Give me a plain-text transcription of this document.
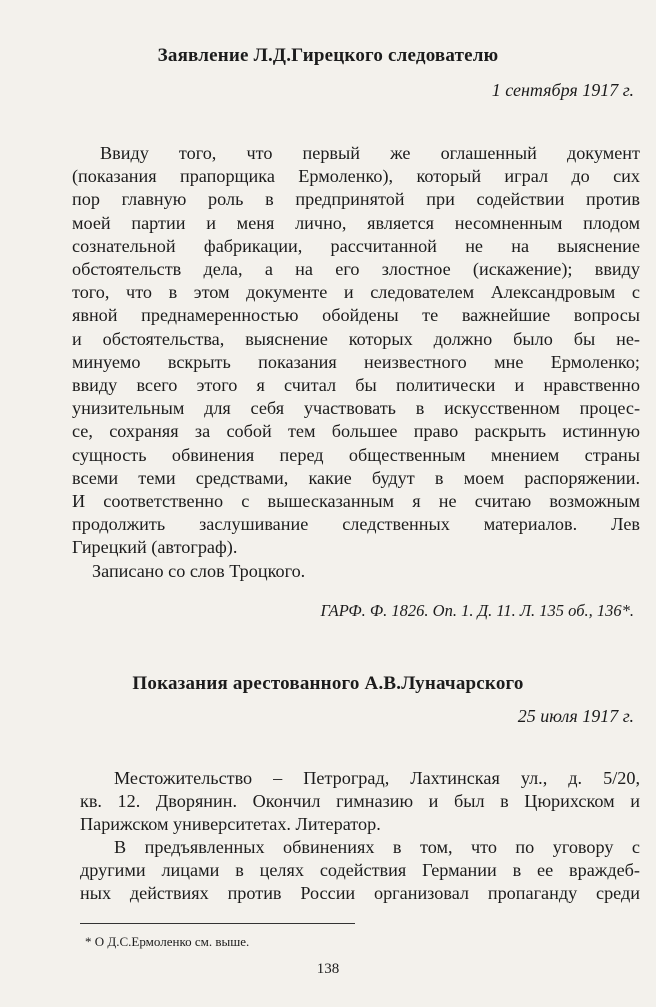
Заявление Л.Д.Гирецкого следователю
1 сентября 1917 г.
Ввиду того, что первый же оглашенный документ
(показания прапорщика Ермоленко), который играл до сих
пор главную роль в предпринятой при содействии против
моей партии и меня лично, является несомненным плодом
сознательной фабрикации, рассчитанной не на выяснение
обстоятельств дела, а на его злостное (искажение); ввиду
того, что в этом документе и следователем Александровым с
явной преднамеренностью обойдены те важнейшие вопросы
и обстоятельства, выяснение которых должно было бы не-
минуемо вскрыть показания неизвестного мне Ермоленко;
ввиду всего этого я считал бы политически и нравственно
унизительным для себя участвовать в искусственном процес-
се, сохраняя за собой тем большее право раскрыть истинную
сущность обвинения перед общественным мнением страны
всеми теми средствами, какие будут в моем распоряжении.
И соответственно с вышесказанным я не считаю возможным
продолжить заслушивание следственных материалов. Лев
Гирецкий (автограф).
Записано со слов Троцкого.
ГАРФ. Ф. 1826. Оп. 1. Д. 11. Л. 135 об., 136*.
Показания арестованного А.В.Луначарского
25 июля 1917 г.
Местожительство – Петроград, Лахтинская ул., д. 5/20,
кв. 12. Дворянин. Окончил гимназию и был в Цюрихском и
Парижском университетах. Литератор.
В предъявленных обвинениях в том, что по уговору с
другими лицами в целях содействия Германии в ее враждеб-
ных действиях против России организовал пропаганду среди
* О Д.С.Ермоленко см. выше.
138
